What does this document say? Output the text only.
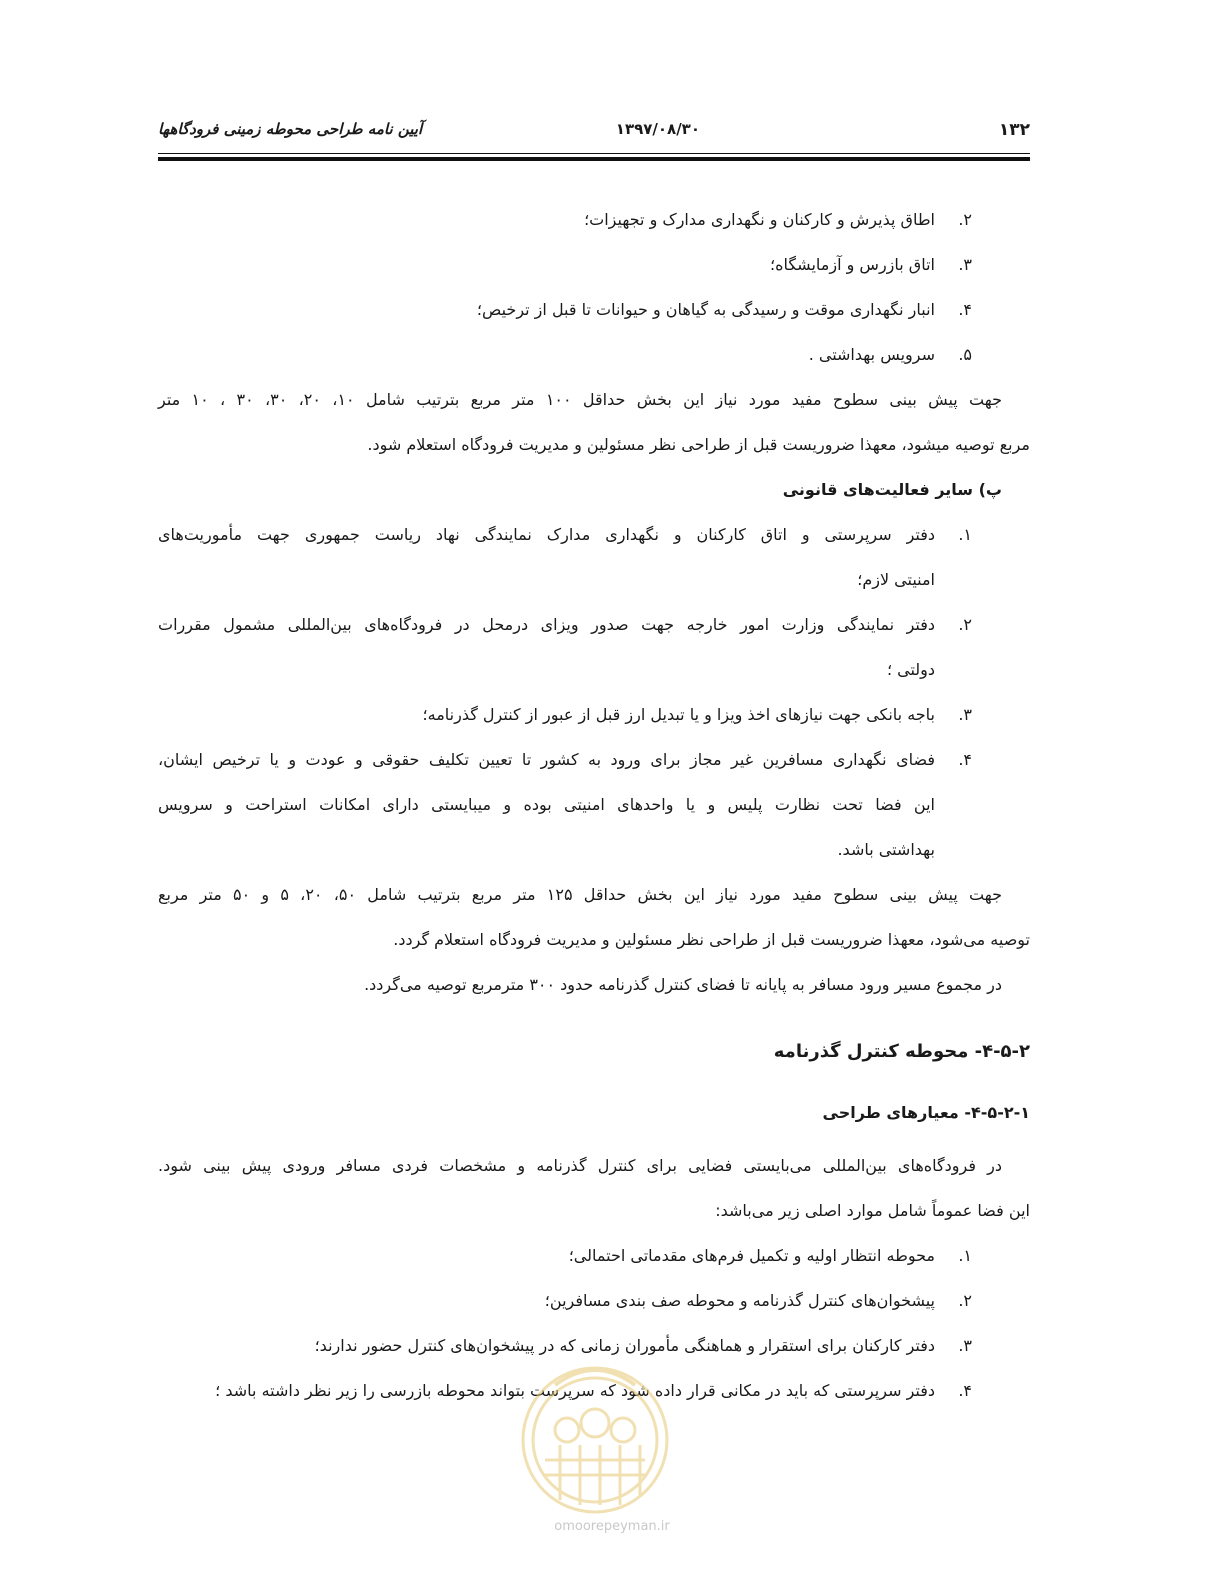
۱۳۲
۱۳۹۷/۰۸/۳۰
آیین نامه طراحی محوطه زمینی فرودگاهها
۲.
اطاق پذیرش و کارکنان و نگهداری مدارک و تجهیزات؛
۳.
اتاق بازرس و آزمایشگاه؛
۴.
انبار نگهداری موقت و رسیدگی به گیاهان و حیوانات تا قبل از ترخیص؛
۵.
سرویس بهداشتی .
جهت پیش بینی سطوح مفید مورد نیاز این بخش حداقل ۱۰۰ متر مربع بترتیب شامل ۱۰، ۲۰، ۳۰، ۳۰ ، ۱۰ متر
مربع توصیه میشود، معهذا ضروریست قبل از طراحی نظر مسئولین و مدیریت فرودگاه استعلام شود.
پ) سایر فعالیت‌های قانونی
۱.
دفتر سرپرستی و اتاق کارکنان و نگهداری مدارک نمایندگی نهاد ریاست جمهوری جهت مأموریت‌های
امنیتی لازم؛
۲.
دفتر نمایندگی وزارت امور خارجه جهت صدور ویزای درمحل در فرودگاه‌های بین‌المللی مشمول مقررات
دولتی ؛
۳.
باجه بانکی جهت نیازهای اخذ ویزا و یا تبدیل ارز قبل از عبور از کنترل گذرنامه؛
۴.
فضای نگهداری مسافرین غیر مجاز برای ورود به کشور تا تعیین تکلیف حقوقی و عودت و یا ترخیص ایشان،
این فضا تحت نظارت پلیس و یا واحدهای امنیتی بوده و میبایستی دارای امکانات استراحت و سرویس
بهداشتی باشد.
جهت پیش بینی سطوح مفید مورد نیاز این بخش حداقل ۱۲۵ متر مربع بترتیب شامل ۵۰، ۲۰، ۵ و ۵۰ متر مربع
توصیه می‌شود، معهذا ضروریست قبل از طراحی نظر مسئولین و مدیریت فرودگاه استعلام گردد.
در مجموع مسیر ورود مسافر به پایانه تا فضای کنترل گذرنامه حدود ۳۰۰ مترمربع توصیه می‌گردد.
۴-۵-۲- محوطه کنترل گذرنامه
۴-۵-۲-۱- معیارهای طراحی
در فرودگاه‌های بین‌المللی می‌بایستی فضایی برای کنترل گذرنامه و مشخصات فردی مسافر ورودی پیش بینی شود.
این فضا عموماً شامل موارد اصلی زیر می‌باشد:
۱.
محوطه انتظار اولیه و تکمیل فرم‌های مقدماتی احتمالی؛
۲.
پیشخوان‌های کنترل گذرنامه و محوطه صف بندی مسافرین؛
۳.
دفتر کارکنان برای استقرار و هماهنگی مأموران زمانی که در پیشخوان‌های کنترل حضور ندارند؛
۴.
دفتر سرپرستی که باید در مکانی قرار داده شود که سرپرست بتواند محوطه بازرسی را زیر نظر داشته باشد ؛
omoorepeyman.ir
